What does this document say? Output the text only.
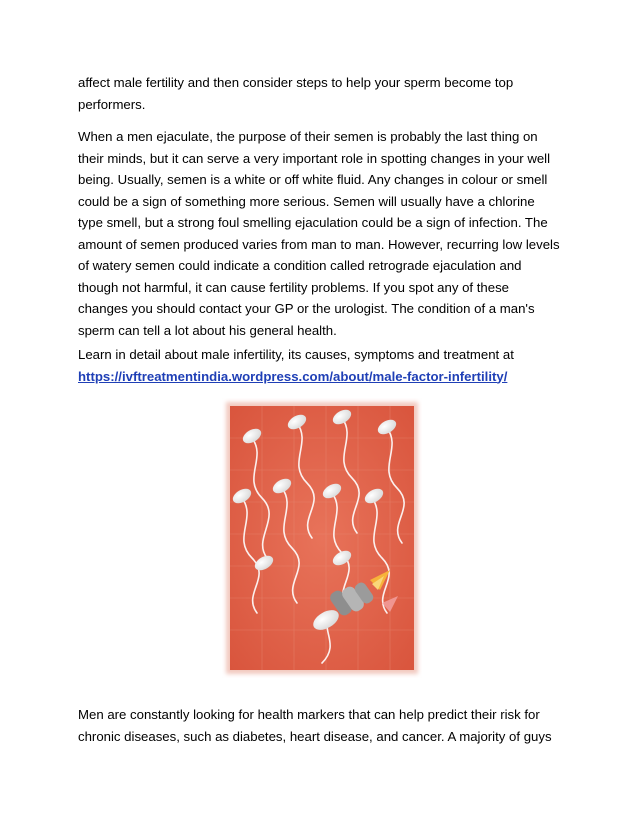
affect male fertility and then consider steps to help your sperm become top performers.
When a men ejaculate, the purpose of their semen is probably the last thing on their minds, but it can serve a very important role in spotting changes in your well being. Usually, semen is a white or off white fluid. Any changes in colour or smell could be a sign of something more serious. Semen will usually have a chlorine type smell, but a strong foul smelling ejaculation could be a sign of infection. The amount of semen produced varies from man to man. However, recurring low levels of watery semen could indicate a condition called retrograde ejaculation and though not harmful, it can cause fertility problems. If you spot any of these changes you should contact your GP or the urologist. The condition of a man's sperm can tell a lot about his general health.
Learn in detail about male infertility, its causes, symptoms and treatment at
https://ivftreatmentindia.wordpress.com/about/male-factor-infertility/
Men are constantly looking for health markers that can help predict their risk for chronic diseases, such as diabetes, heart disease, and cancer. A majority of guys
